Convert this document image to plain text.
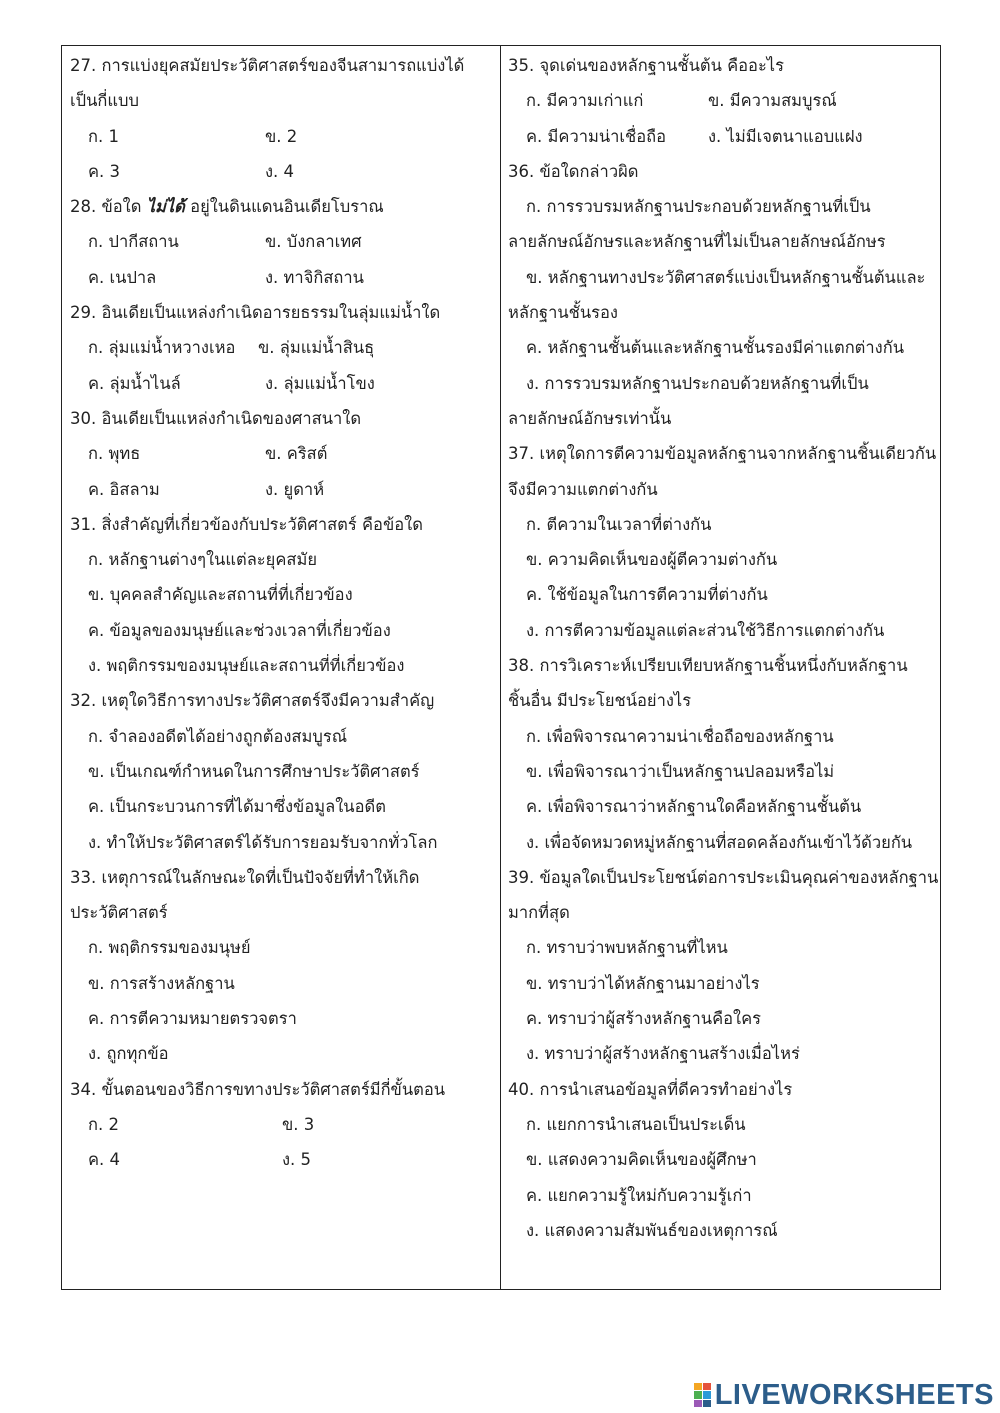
27. การแบ่งยุคสมัยประวัติศาสตร์ของจีนสามารถแบ่งได้
เป็นกี่แบบ
ก. 1	ข. 2
ค. 3	ง. 4
28. ข้อใด ไม่ได้ อยู่ในดินแดนอินเดียโบราณ
ก. ปากีสถาน	ข. บังกลาเทศ
ค. เนปาล	ง. ทาจิกิสถาน
29. อินเดียเป็นแหล่งกำเนิดอารยธรรมในลุ่มแม่น้ำใด
ก. ลุ่มแม่น้ำหวางเหอ ข. ลุ่มแม่น้ำสินธุ
ค. ลุ่มน้ำไนล์	ง. ลุ่มแม่น้ำโขง
30. อินเดียเป็นแหล่งกำเนิดของศาสนาใด
ก. พุทธ	ข. คริสต์
ค. อิสลาม	ง. ยูดาห์
31. สิ่งสำคัญที่เกี่ยวข้องกับประวัติศาสตร์ คือข้อใด
ก. หลักฐานต่างๆในแต่ละยุคสมัย
ข. บุคคลสำคัญและสถานที่ที่เกี่ยวข้อง
ค. ข้อมูลของมนุษย์และช่วงเวลาที่เกี่ยวข้อง
ง. พฤติกรรมของมนุษย์และสถานที่ที่เกี่ยวข้อง
32. เหตุใดวิธีการทางประวัติศาสตร์จึงมีความสำคัญ
ก. จำลองอดีตได้อย่างถูกต้องสมบูรณ์
ข. เป็นเกณฑ์กำหนดในการศึกษาประวัติศาสตร์
ค. เป็นกระบวนการที่ได้มาซึ่งข้อมูลในอดีต
ง. ทำให้ประวัติศาสตร์ได้รับการยอมรับจากทั่วโลก
33. เหตุการณ์ในลักษณะใดที่เป็นปัจจัยที่ทำให้เกิด
ประวัติศาสตร์
ก. พฤติกรรมของมนุษย์
ข. การสร้างหลักฐาน
ค. การตีความหมายตรวจตรา
ง. ถูกทุกข้อ
34. ขั้นตอนของวิธีการขทางประวัติศาสตร์มีกี่ขั้นตอน
ก. 2	ข. 3
ค. 4	ง. 5
35. จุดเด่นของหลักฐานชั้นต้น คืออะไร
ก. มีความเก่าแก่	ข. มีความสมบูรณ์
ค. มีความน่าเชื่อถือ	ง. ไม่มีเจตนาแอบแฝง
36. ข้อใดกล่าวผิด
ก. การรวบรมหลักฐานประกอบด้วยหลักฐานที่เป็น
ลายลักษณ์อักษรและหลักฐานที่ไม่เป็นลายลักษณ์อักษร
ข. หลักฐานทางประวัติศาสตร์แบ่งเป็นหลักฐานชั้นต้นและ
หลักฐานชั้นรอง
ค. หลักฐานชั้นต้นและหลักฐานชั้นรองมีค่าแตกต่างกัน
ง. การรวบรมหลักฐานประกอบด้วยหลักฐานที่เป็น
ลายลักษณ์อักษรเท่านั้น
37. เหตุใดการตีความข้อมูลหลักฐานจากหลักฐานชิ้นเดียวกัน
จึงมีความแตกต่างกัน
ก. ตีความในเวลาที่ต่างกัน
ข. ความคิดเห็นของผู้ตีความต่างกัน
ค. ใช้ข้อมูลในการตีความที่ต่างกัน
ง. การตีความข้อมูลแต่ละส่วนใช้วิธีการแตกต่างกัน
38. การวิเคราะห์เปรียบเทียบหลักฐานชิ้นหนึ่งกับหลักฐาน
ชิ้นอื่น มีประโยชน์อย่างไร
ก. เพื่อพิจารณาความน่าเชื่อถือของหลักฐาน
ข. เพื่อพิจารณาว่าเป็นหลักฐานปลอมหรือไม่
ค. เพื่อพิจารณาว่าหลักฐานใดคือหลักฐานชั้นต้น
ง. เพื่อจัดหมวดหมู่หลักฐานที่สอดคล้องกันเข้าไว้ด้วยกัน
39. ข้อมูลใดเป็นประโยชน์ต่อการประเมินคุณค่าของหลักฐาน
มากที่สุด
ก. ทราบว่าพบหลักฐานที่ไหน
ข. ทราบว่าได้หลักฐานมาอย่างไร
ค. ทราบว่าผู้สร้างหลักฐานคือใคร
ง. ทราบว่าผู้สร้างหลักฐานสร้างเมื่อไหร่
40. การนำเสนอข้อมูลที่ดีควรทำอย่างไร
ก. แยกการนำเสนอเป็นประเด็น
ข. แสดงความคิดเห็นของผู้ศึกษา
ค. แยกความรู้ใหม่กับความรู้เก่า
ง. แสดงความสัมพันธ์ของเหตุการณ์
LIVEWORKSHEETS
